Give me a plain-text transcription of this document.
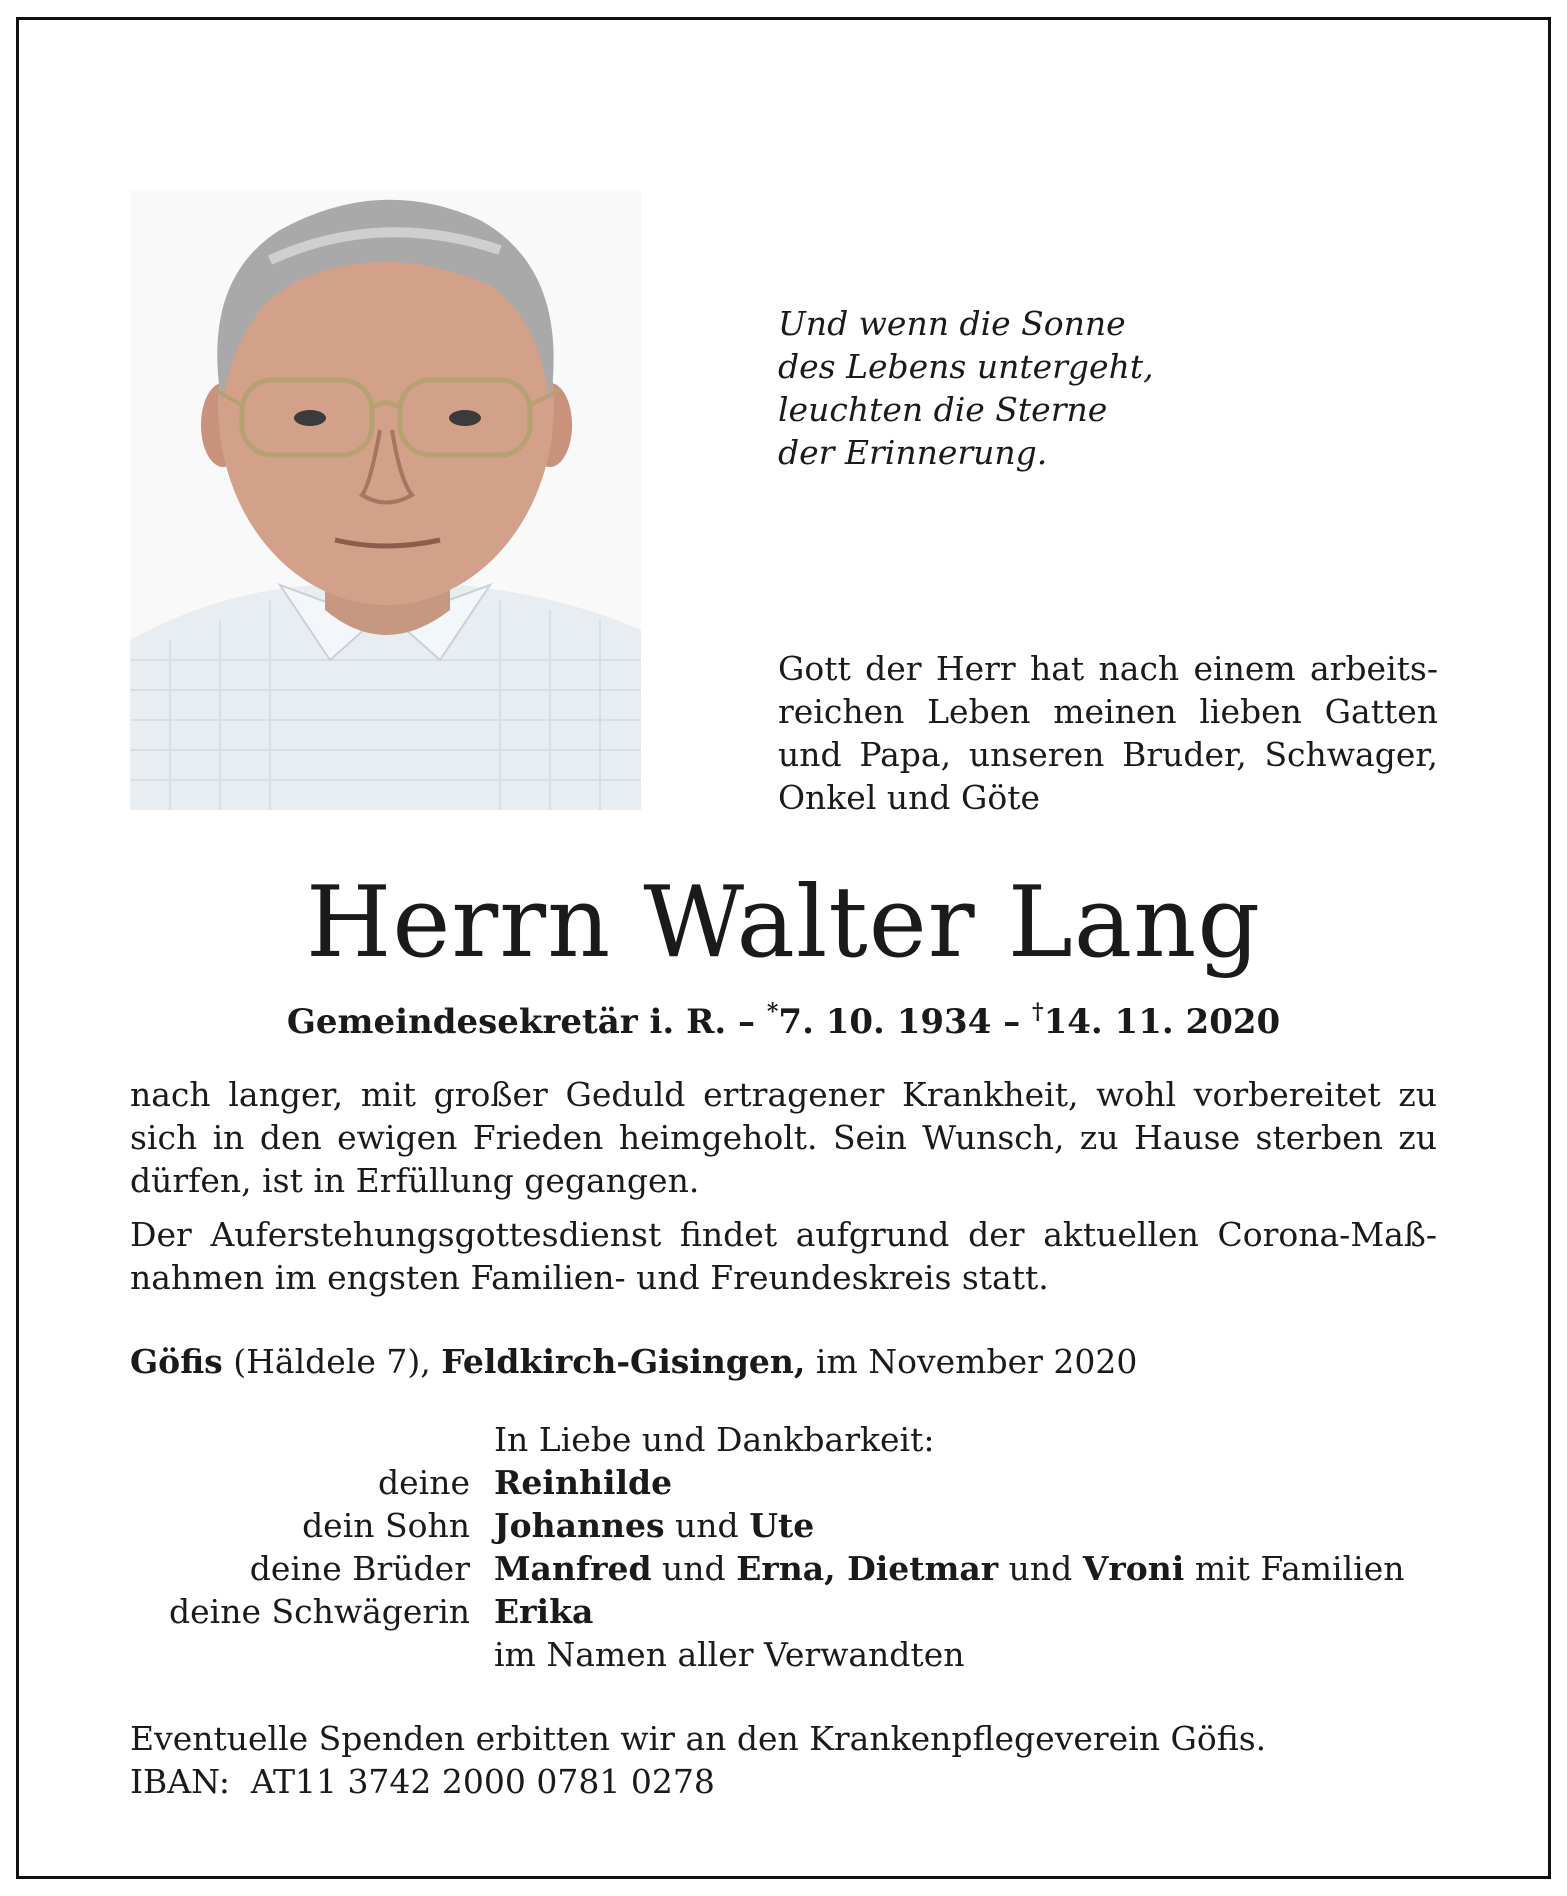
Und wenn die Sonne
des Lebens untergeht,
leuchten die Sterne
der Erinnerung.
Gott der Herr hat nach einem arbeitsreichen Leben meinen lieben Gatten und Papa, unseren Bruder, Schwager, Onkel und Göte
Herrn Walter Lang
Gemeindesekretär i. R. – *7. 10. 1934 – †14. 11. 2020
nach langer, mit großer Geduld ertragener Krankheit, wohl vorbereitet zu sich in den ewigen Frieden heimgeholt. Sein Wunsch, zu Hause sterben zu dürfen, ist in Erfüllung gegangen.
Der Auferstehungsgottesdienst findet aufgrund der aktuellen Corona-Maßnahmen im engsten Familien- und Freundeskreis statt.
Göfis (Häldele 7), Feldkirch-Gisingen, im November 2020
In Liebe und Dankbarkeit:
deine Reinhilde
dein Sohn Johannes und Ute
deine Brüder Manfred und Erna, Dietmar und Vroni mit Familien
deine Schwägerin Erika
im Namen aller Verwandten
Eventuelle Spenden erbitten wir an den Krankenpflegeverein Göfis.
IBAN: AT11 3742 2000 0781 0278
